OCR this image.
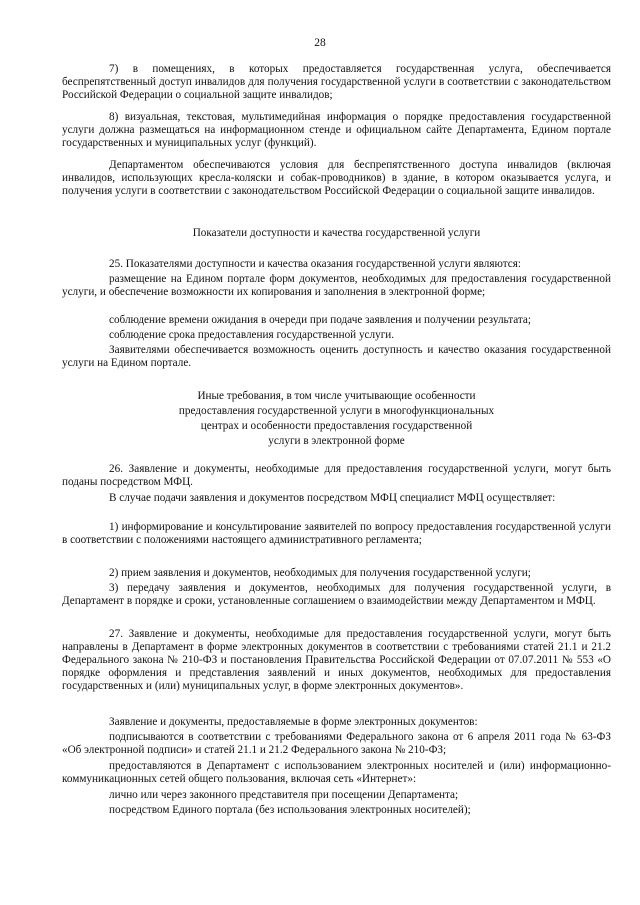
28

7) в помещениях, в которых предоставляется государственная услуга, обеспечивается беспрепятственный доступ инвалидов для получения государственной услуги в соответствии с законодательством Российской Федерации о социальной защите инвалидов;

8) визуальная, текстовая, мультимедийная информация о порядке предоставления государственной услуги должна размещаться на информационном стенде и официальном сайте Департамента, Едином портале государственных и муниципальных услуг (функций).

Департаментом обеспечиваются условия для беспрепятственного доступа инвалидов (включая инвалидов, использующих кресла-коляски и собак-проводников) в здание, в котором оказывается услуга, и получения услуги в соответствии с законодательством Российской Федерации о социальной защите инвалидов.

Показатели доступности и качества государственной услуги

25. Показателями доступности и качества оказания государственной услуги являются:

размещение на Едином портале форм документов, необходимых для предоставления государственной услуги, и обеспечение возможности их копирования и заполнения в электронной форме;

соблюдение времени ожидания в очереди при подаче заявления и получении результата;

соблюдение срока предоставления государственной услуги.

Заявителями обеспечивается возможность оценить доступность и качество оказания государственной услуги на Едином портале.

Иные требования, в том числе учитывающие особенности

предоставления государственной услуги в многофункциональных

центрах и особенности предоставления государственной

услуги в электронной форме

26. Заявление и документы, необходимые для предоставления государственной услуги, могут быть поданы посредством МФЦ.

В случае подачи заявления и документов посредством МФЦ специалист МФЦ осуществляет:

1) информирование и консультирование заявителей по вопросу предоставления государственной услуги в соответствии с положениями настоящего административного регламента;

2) прием заявления и документов, необходимых для получения государственной услуги;

3) передачу заявления и документов, необходимых для получения государственной услуги, в Департамент в порядке и сроки, установленные соглашением о взаимодействии между Департаментом и МФЦ.

27. Заявление и документы, необходимые для предоставления государственной услуги, могут быть направлены в Департамент в форме электронных документов в соответствии с требованиями статей 21.1 и 21.2 Федерального закона № 210-ФЗ и постановления Правительства Российской Федерации от 07.07.2011 № 553 «О порядке оформления и представления заявлений и иных документов, необходимых для предоставления государственных и (или) муниципальных услуг, в форме электронных документов».

Заявление и документы, предоставляемые в форме электронных документов:

подписываются в соответствии с требованиями Федерального закона от 6 апреля 2011 года № 63-ФЗ «Об электронной подписи» и статей 21.1 и 21.2 Федерального закона № 210-ФЗ;

предоставляются в Департамент с использованием электронных носителей и (или) информационно-коммуникационных сетей общего пользования, включая сеть «Интернет»:

лично или через законного представителя при посещении Департамента;

посредством Единого портала (без использования электронных носителей);
